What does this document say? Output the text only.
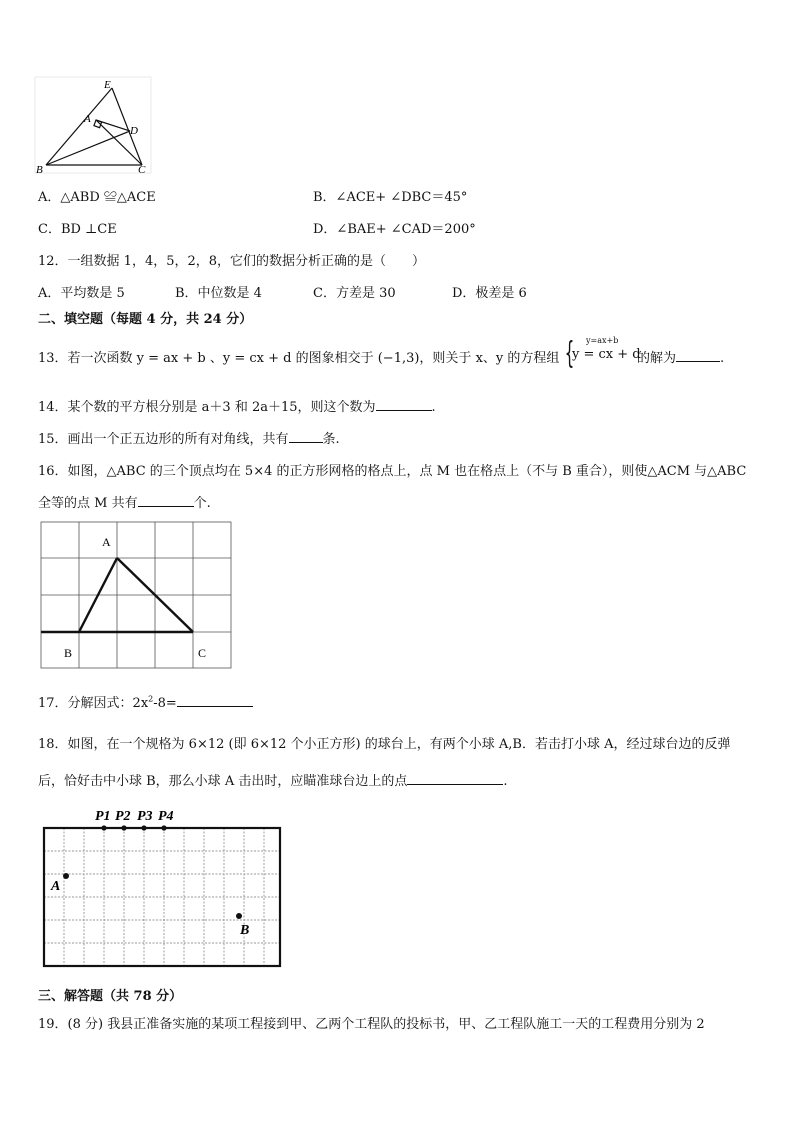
E
A
D
B	C
A．△ABD ≌△ACE	B．∠ACE+ ∠DBC＝45°
C．BD ⊥CE	D．∠BAE+ ∠CAD＝200°
12．一组数据 1，4，5，2，8，它们的数据分析正确的是（　　）
A．平均数是 5	B．中位数是 4	C．方差是 30	D．极差是 6
二、填空题（每题 4 分，共 24 分）
13．若一次函数 y = ax + b 、y = cx + d 的图象相交于 (−1,3)，则关于 x、y 的方程组 { y=ax+b
y = cx + d
的解为	.
14．某个数的平方根分别是 a＋3 和 2a＋15，则这个数为	.
15．画出一个正五边形的所有对角线，共有	条.
16．如图，△ABC 的三个顶点均在 5×4 的正方形网格的格点上，点 M 也在格点上（不与 B 重合），则使△ACM 与△ABC
全等的点 M 共有	个.
A
B	C
17．分解因式：$2x^2-8=$
18．如图，在一个规格为 6×12 (即 6×12 个小正方形) 的球台上，有两个小球 A,B．若击打小球 A，经过球台边的反弹
后，恰好击中小球 B，那么小球 A 击出时，应瞄准球台边上的点	.
P1 P2 P3 P4
A
B
三、解答题（共 78 分）
19．(8 分) 我县正准备实施的某项工程接到甲、乙两个工程队的投标书，甲、乙工程队施工一天的工程费用分别为 2
